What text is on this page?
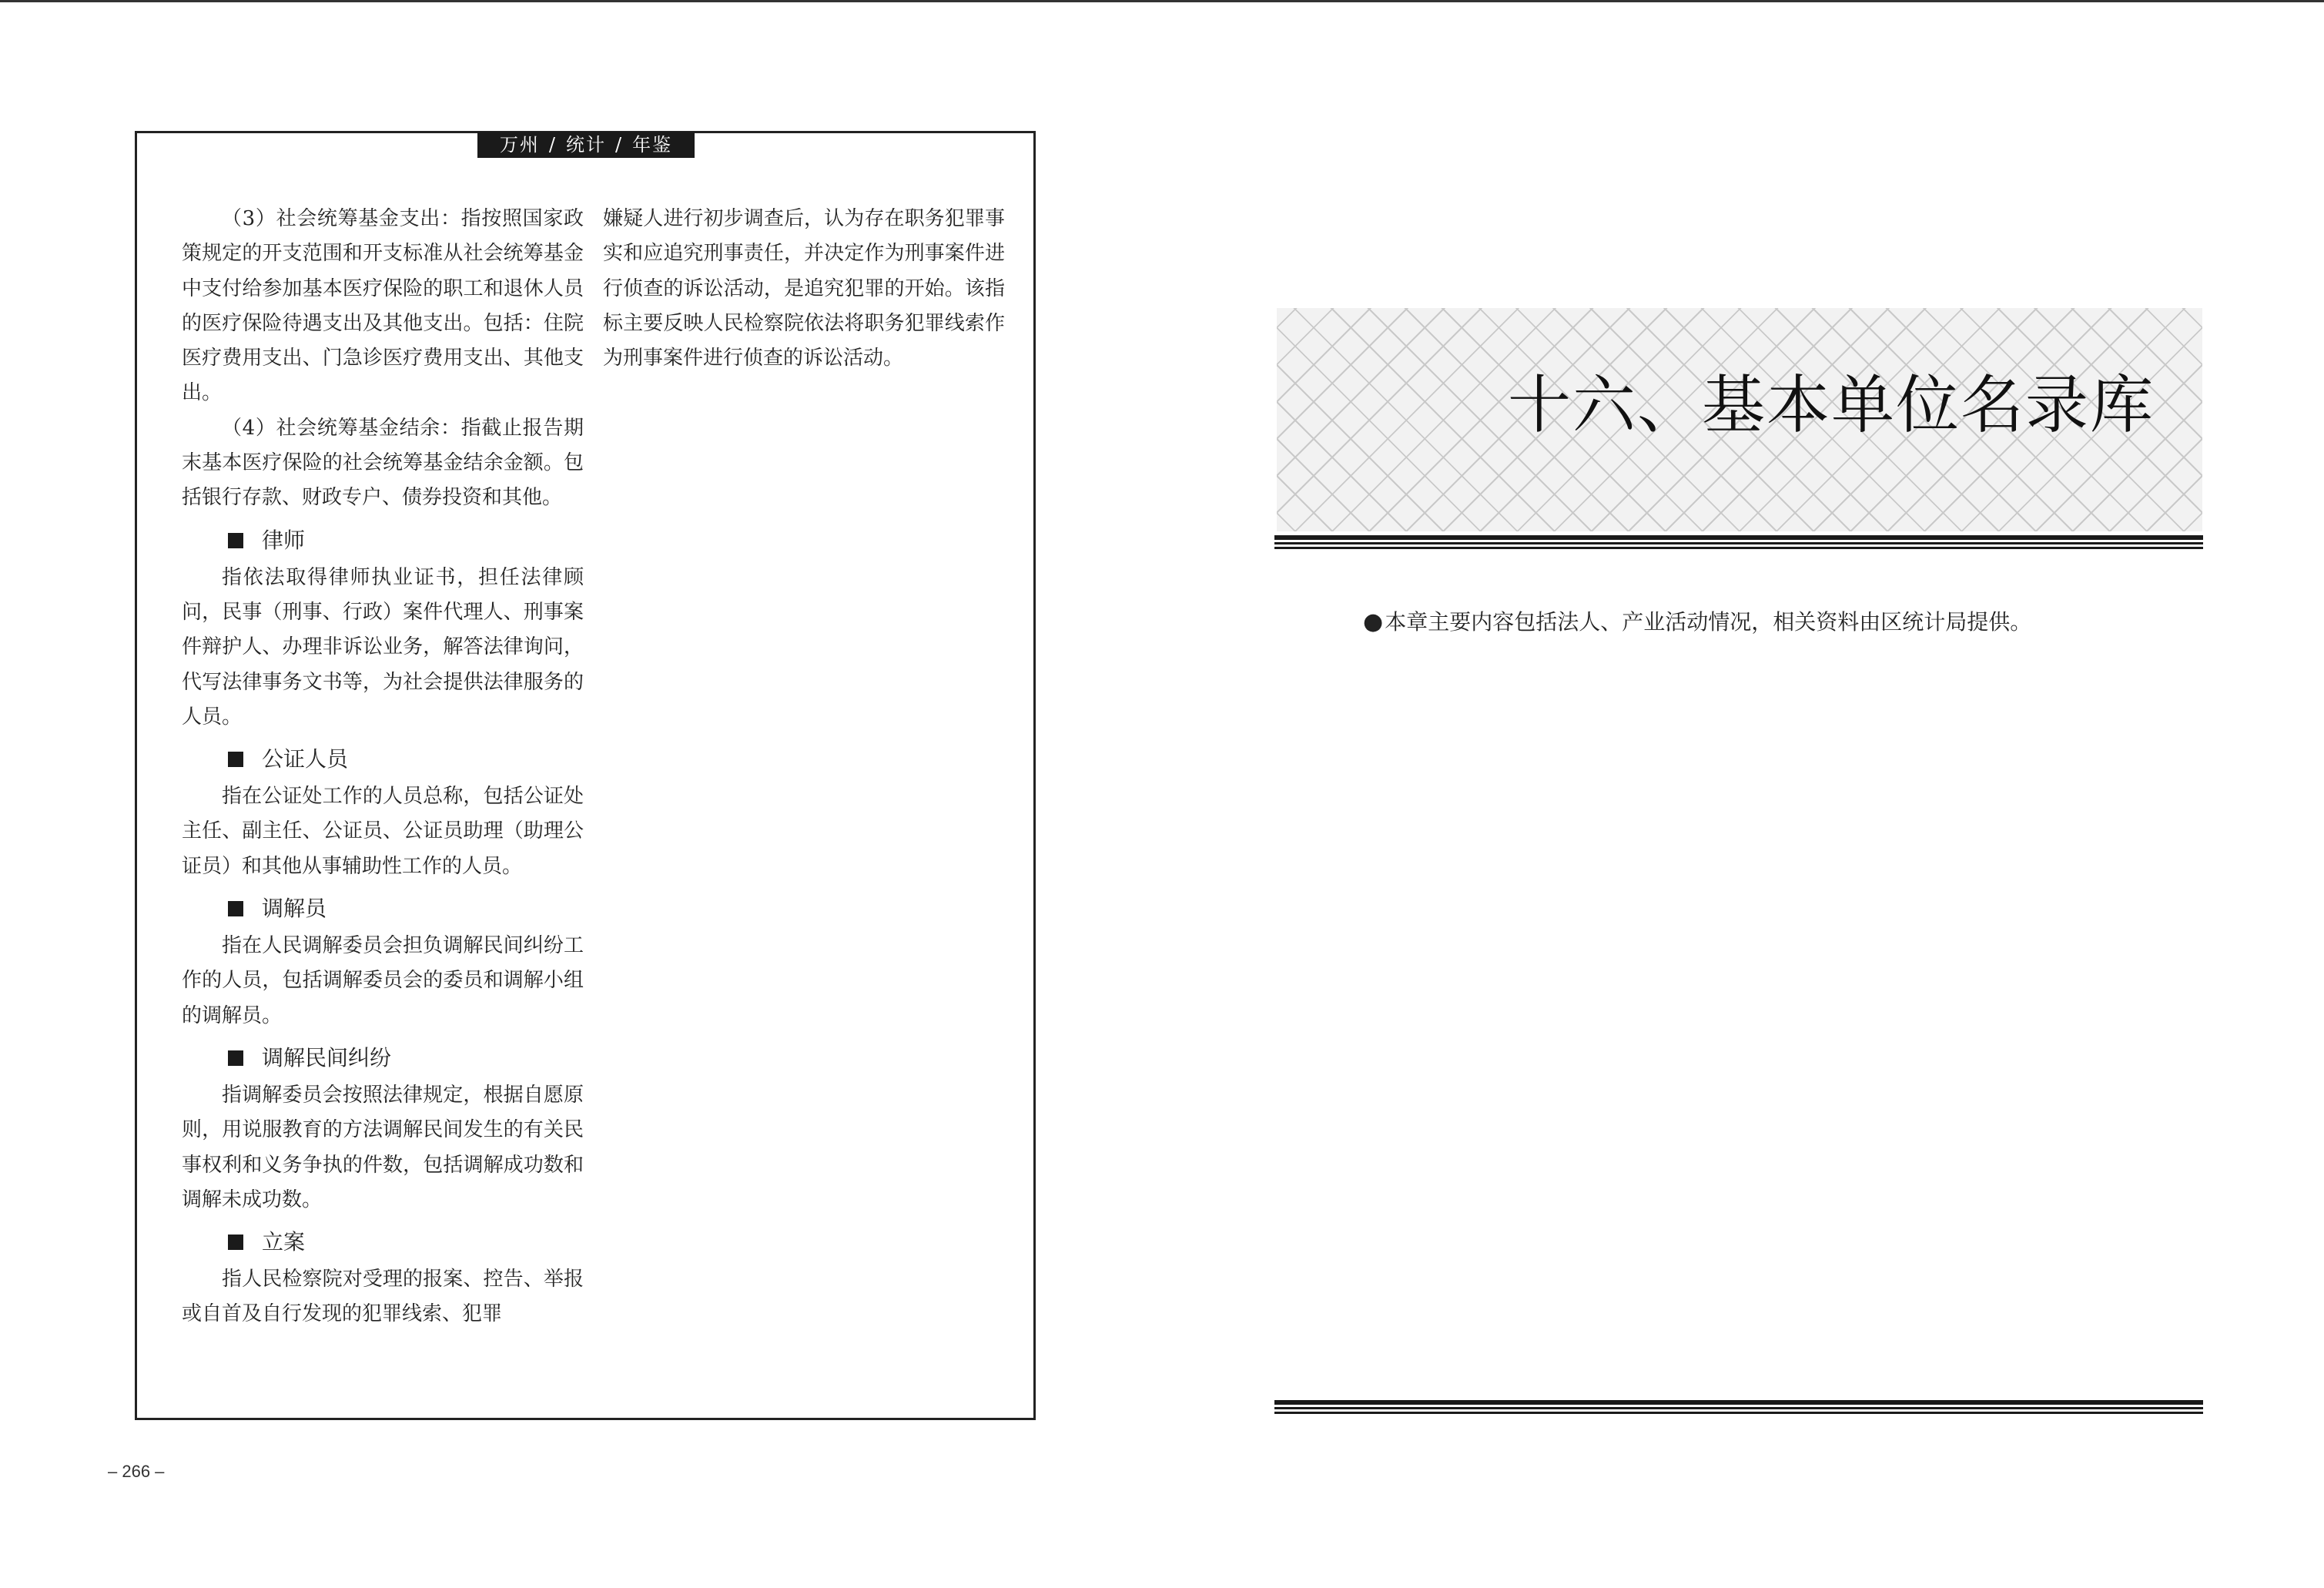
万州 / 统计 / 年鉴

（3）社会统筹基金支出：指按照国家政策规定的开支范围和开支标准从社会统筹基金中支付给参加基本医疗保险的职工和退休人员的医疗保险待遇支出及其他支出。包括：住院医疗费用支出、门急诊医疗费用支出、其他支出。

（4）社会统筹基金结余：指截止报告期末基本医疗保险的社会统筹基金结余金额。包括银行存款、财政专户、债券投资和其他。

律师

指依法取得律师执业证书，担任法律顾问，民事（刑事、行政）案件代理人、刑事案件辩护人、办理非诉讼业务，解答法律询问，代写法律事务文书等，为社会提供法律服务的人员。

公证人员

指在公证处工作的人员总称，包括公证处主任、副主任、公证员、公证员助理（助理公证员）和其他从事辅助性工作的人员。

调解员

指在人民调解委员会担负调解民间纠纷工作的人员，包括调解委员会的委员和调解小组的调解员。

调解民间纠纷

指调解委员会按照法律规定，根据自愿原则，用说服教育的方法调解民间发生的有关民事权利和义务争执的件数，包括调解成功数和调解未成功数。

立案

指人民检察院对受理的报案、控告、举报或自首及自行发现的犯罪线索、犯罪

嫌疑人进行初步调查后，认为存在职务犯罪事实和应追究刑事责任，并决定作为刑事案件进行侦查的诉讼活动，是追究犯罪的开始。该指标主要反映人民检察院依法将职务犯罪线索作为刑事案件进行侦查的诉讼活动。

– 266 –
十六、基本单位名录库
●本章主要内容包括法人、产业活动情况，相关资料由区统计局提供。
